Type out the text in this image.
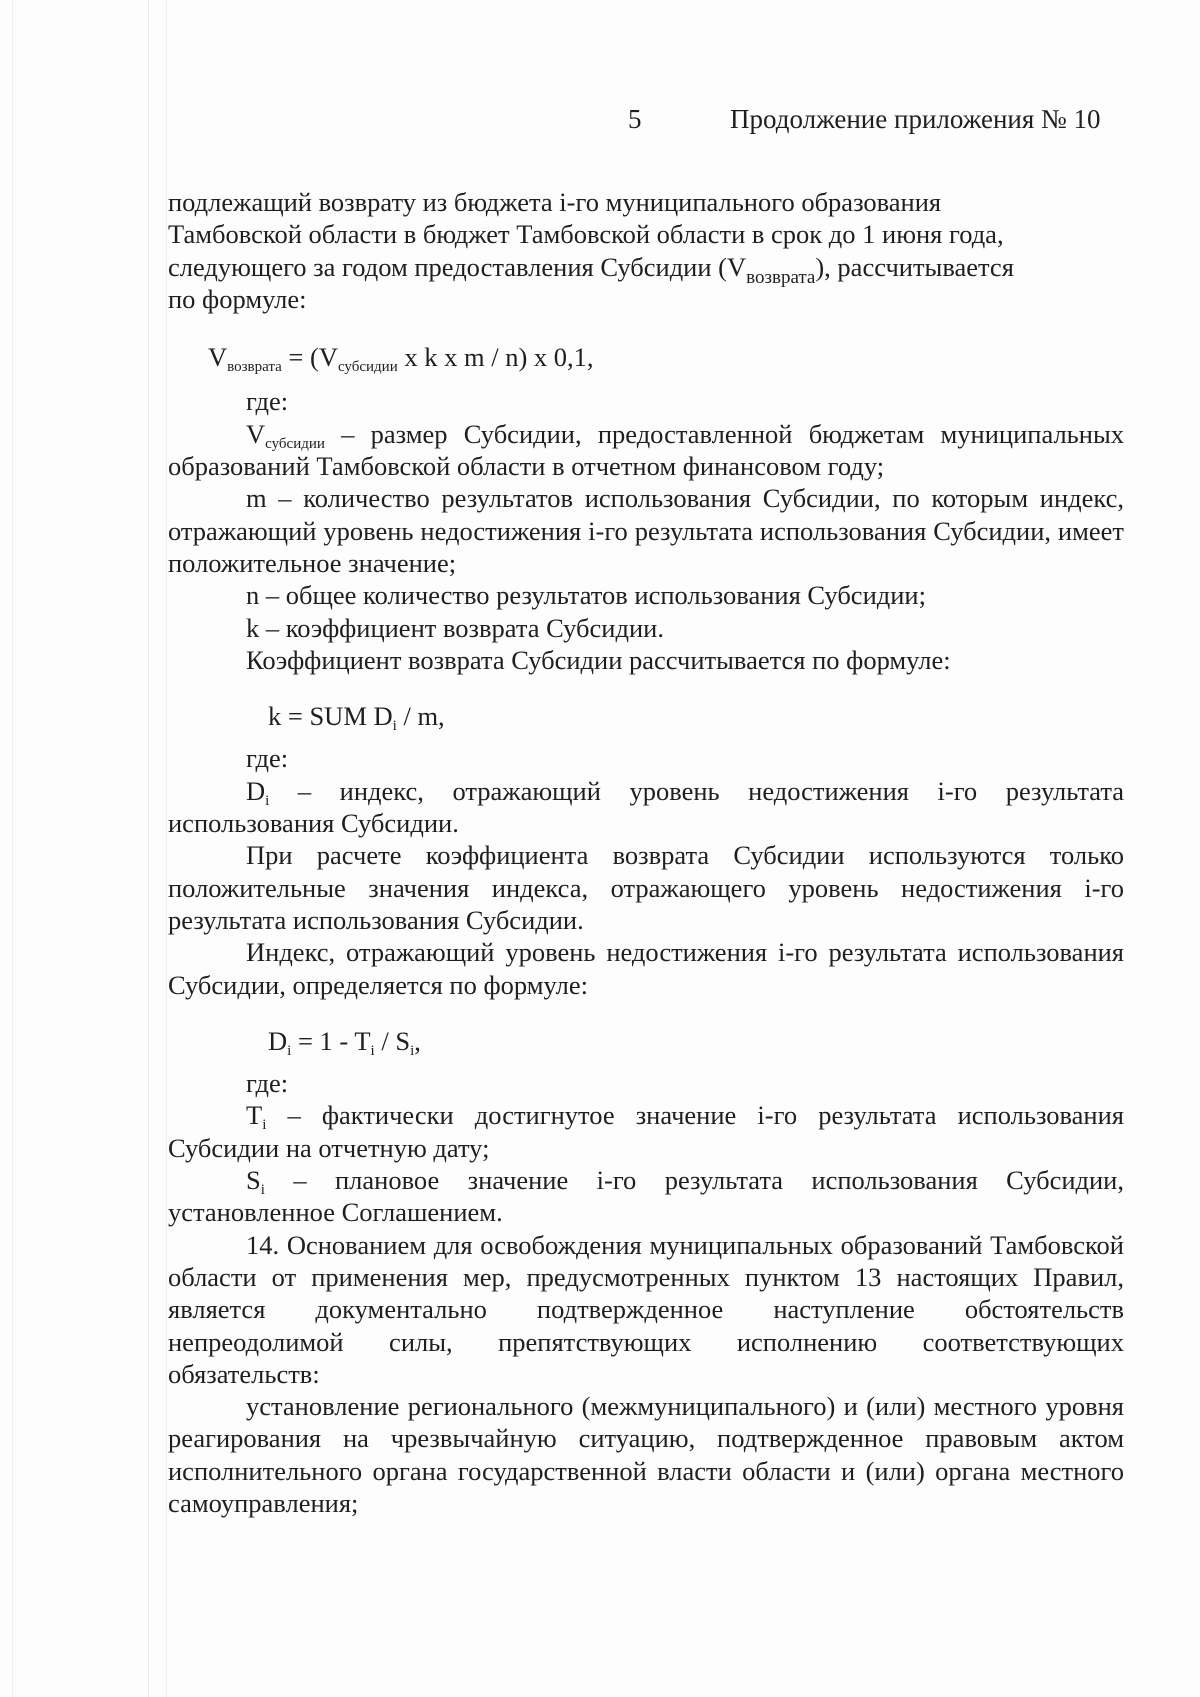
5	Продолжение приложения № 10

подлежащий возврату из бюджета i-го муниципального образования

Тамбовской области в бюджет Тамбовской области в срок до 1 июня года,

следующего за годом предоставления Субсидии $(V_{возврата})$, рассчитывается

по формуле:

$V_{возврата} = (V_{субсидии}$ x k x m / n) x 0,1,

где:

$V_{субсидии}$ – размер Субсидии, предоставленной бюджетам муниципальных образований Тамбовской области в отчетном финансовом году;

m – количество результатов использования Субсидии, по которым индекс, отражающий уровень недостижения i-го результата использования Субсидии, имеет положительное значение;

n – общее количество результатов использования Субсидии;

k – коэффициент возврата Субсидии.

Коэффициент возврата Субсидии рассчитывается по формуле:

k = SUM $D_i$ / m,

где:

$D_i$ – индекс, отражающий уровень недостижения i-го результата использования Субсидии.

При расчете коэффициента возврата Субсидии используются только положительные значения индекса, отражающего уровень недостижения i-го результата использования Субсидии.

Индекс, отражающий уровень недостижения i-го результата использования Субсидии, определяется по формуле:

$D_i = 1 - T_i / S_i$,

где:

$T_i$ – фактически достигнутое значение i-го результата использования Субсидии на отчетную дату;

$S_i$ – плановое значение i-го результата использования Субсидии, установленное Соглашением.

14. Основанием для освобождения муниципальных образований Тамбовской области от применения мер, предусмотренных пунктом 13 настоящих Правил, является документально подтвержденное наступление обстоятельств непреодолимой силы, препятствующих исполнению соответствующих обязательств:

установление регионального (межмуниципального) и (или) местного уровня реагирования на чрезвычайную ситуацию, подтвержденное правовым актом исполнительного органа государственной власти области и (или) органа местного самоуправления;
